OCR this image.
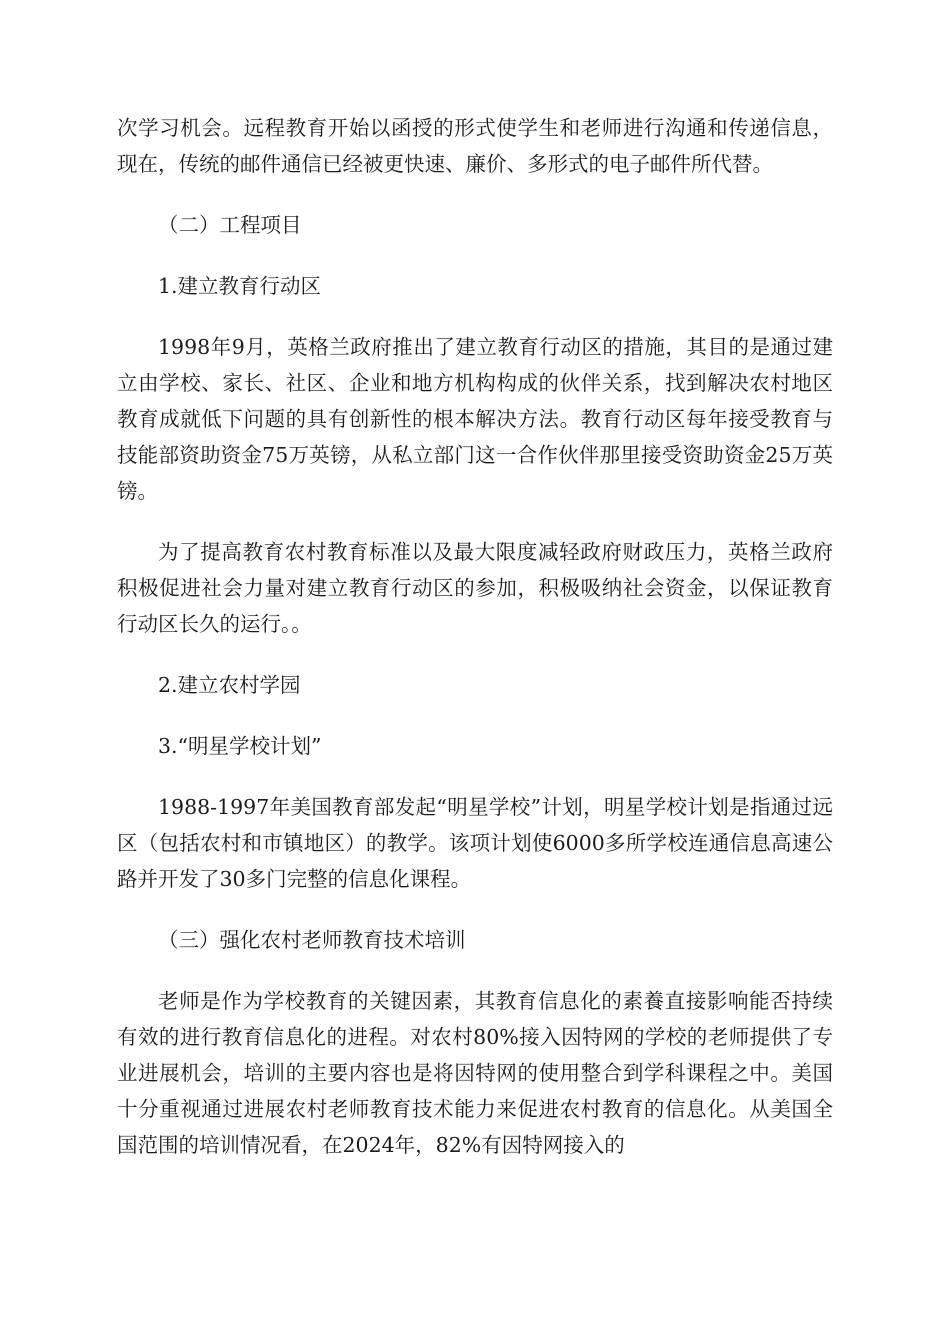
次学习机会。远程教育开始以函授的形式使学生和老师进行沟通和传递信息，现在，传统的邮件通信已经被更快速、廉价、多形式的电子邮件所代替。

（二）工程项目

1.建立教育行动区

1998年9月，英格兰政府推出了建立教育行动区的措施，其目的是通过建立由学校、家长、社区、企业和地方机构构成的伙伴关系，找到解决农村地区教育成就低下问题的具有创新性的根本解决方法。教育行动区每年接受教育与技能部资助资金75万英镑，从私立部门这一合作伙伴那里接受资助资金25万英镑。

为了提高教育农村教育标准以及最大限度减轻政府财政压力，英格兰政府积极促进社会力量对建立教育行动区的参加，积极吸纳社会资金，以保证教育行动区长久的运行。。

2.建立农村学园

3.“明星学校计划”

1988-1997年美国教育部发起“明星学校”计划，明星学校计划是指通过远区（包括农村和市镇地区）的教学。该项计划使6000多所学校连通信息高速公路并开发了30多门完整的信息化课程。

（三）强化农村老师教育技术培训

老师是作为学校教育的关键因素，其教育信息化的素養直接影响能否持续有效的进行教育信息化的进程。对农村80%接入因特网的学校的老师提供了专业进展机会，培训的主要内容也是将因特网的使用整合到学科课程之中。美国十分重视通过进展农村老师教育技术能力来促进农村教育的信息化。从美国全国范围的培训情况看，在2024年，82%有因特网接入的
